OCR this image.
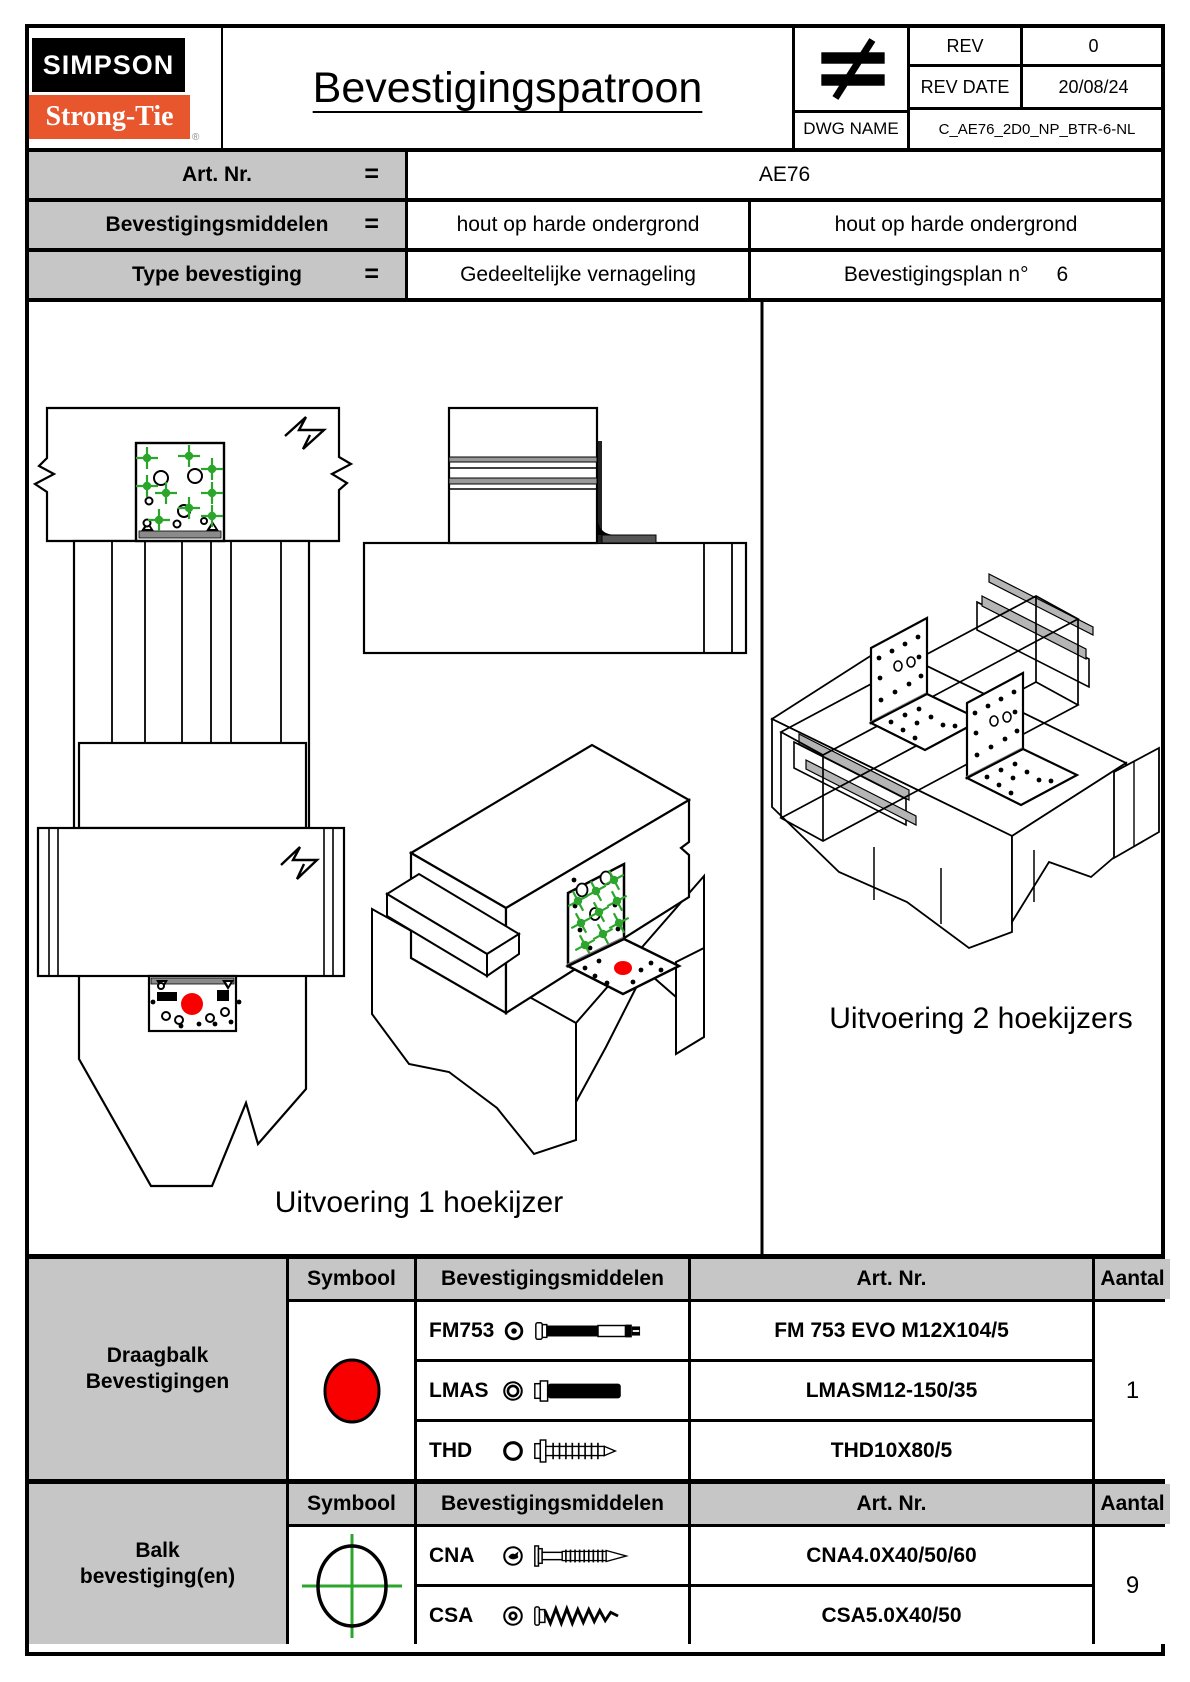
SIMPSON
Strong-Tie
®
Bevestigingspatroon
REV	0
REV DATE	20/08/24
DWG NAME	C_AE76_2D0_NP_BTR-6-NL
Art. Nr.	=	AE76
Bevestigingsmiddelen =	hout op harde ondergrond	hout op harde ondergrond
Type bevestiging =	Gedeeltelijke vernageling	Bevestigingsplan n° 6
Uitvoering 1 hoekijzer
Uitvoering 2 hoekijzers
Draagbalk
Bevestigingen
Symbool	Bevestigingsmiddelen	Art. Nr.	Aantal
FM753	FM 753 EVO M12X104/5
LMAS	LMASM12-150/35
THD	THD10X80/5
1
Balk
bevestiging(en)
Symbool	Bevestigingsmiddelen	Art. Nr.	Aantal
CNA	CNA4.0X40/50/60
CSA	CSA5.0X40/50
9
